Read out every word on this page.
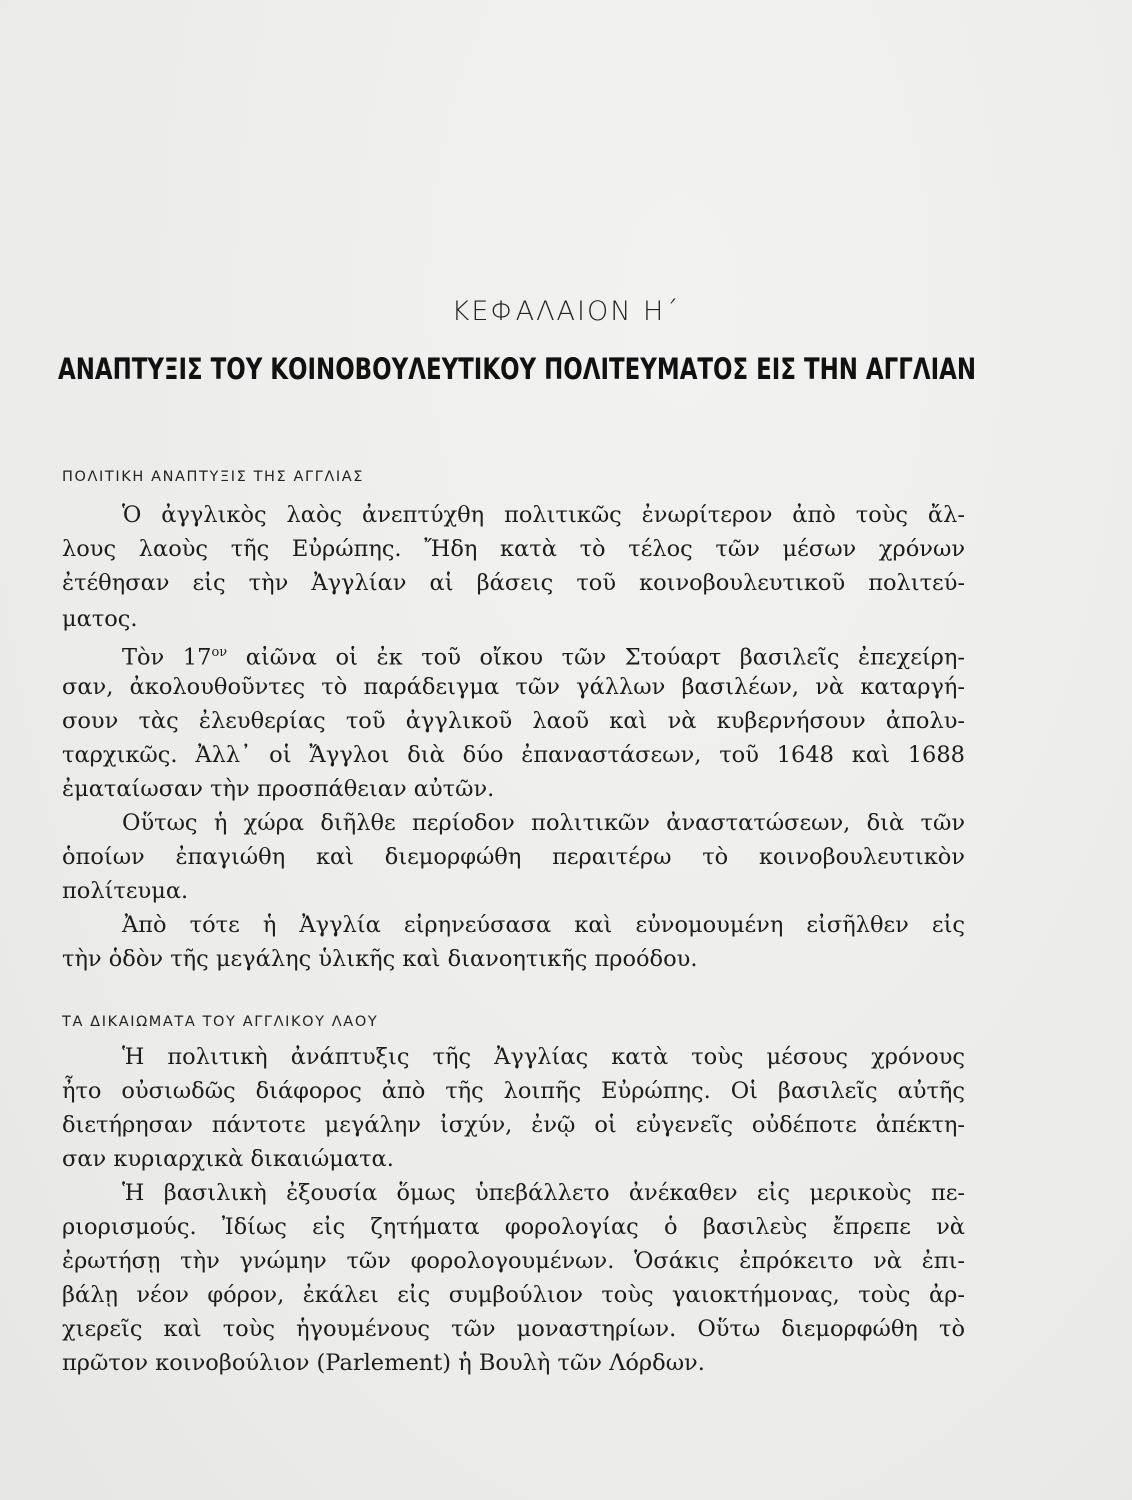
ΚΕΦΑΛΑΙΟΝ Η΄
ΑΝΑΠΤΥΞΙΣ ΤΟΥ ΚΟΙΝΟΒΟΥΛΕΥΤΙΚΟΥ ΠΟΛΙΤΕΥΜΑΤΟΣ ΕΙΣ ΤΗΝ ΑΓΓΛΙΑΝ
ΠΟΛΙΤΙΚΗ ΑΝΑΠΤΥΞΙΣ ΤΗΣ ΑΓΓΛΙΑΣ
Ὁ ἀγγλικὸς λαὸς ἀνεπτύχθη πολιτικῶς ἐνωρίτερον ἀπὸ τοὺς ἄλ-
λους λαοὺς τῆς Εὐρώπης. Ἤδη κατὰ τὸ τέλος τῶν μέσων χρόνων
ἐτέθησαν εἰς τὴν Ἀγγλίαν αἱ βάσεις τοῦ κοινοβουλευτικοῦ πολιτεύ-
ματος.
Τὸν $17^{o\nu}$ αἰῶνα οἱ ἐκ τοῦ οἴκου τῶν Στούαρτ βασιλεῖς ἐπεχείρη-
σαν, ἀκολουθοῦντες τὸ παράδειγμα τῶν γάλλων βασιλέων, νὰ καταργή-
σουν τὰς ἐλευθερίας τοῦ ἀγγλικοῦ λαοῦ καὶ νὰ κυβερνήσουν ἀπολυ-
ταρχικῶς. Ἀλλ᾽ οἱ Ἄγγλοι διὰ δύο ἐπαναστάσεων, τοῦ 1648 καὶ 1688
ἐματαίωσαν τὴν προσπάθειαν αὐτῶν.
Οὕτως ἡ χώρα διῆλθε περίοδον πολιτικῶν ἀναστατώσεων, διὰ τῶν
ὁποίων ἐπαγιώθη καὶ διεμορφώθη περαιτέρω τὸ κοινοβουλευτικὸν
πολίτευμα.
Ἀπὸ τότε ἡ Ἀγγλία εἰρηνεύσασα καὶ εὐνομουμένη εἰσῆλθεν εἰς
τὴν ὁδὸν τῆς μεγάλης ὑλικῆς καὶ διανοητικῆς προόδου.
ΤΑ ΔΙΚΑΙΩΜΑΤΑ ΤΟΥ ΑΓΓΛΙΚΟΥ ΛΑΟΥ
Ἡ πολιτικὴ ἀνάπτυξις τῆς Ἀγγλίας κατὰ τοὺς μέσους χρόνους
ἦτο οὐσιωδῶς διάφορος ἀπὸ τῆς λοιπῆς Εὐρώπης. Οἱ βασιλεῖς αὐτῆς
διετήρησαν πάντοτε μεγάλην ἰσχύν, ἐνῷ οἱ εὐγενεῖς οὐδέποτε ἀπέκτη-
σαν κυριαρχικὰ δικαιώματα.
Ἡ βασιλικὴ ἐξουσία ὅμως ὑπεβάλλετο ἀνέκαθεν εἰς μερικοὺς πε-
ριορισμούς. Ἰδίως εἰς ζητήματα φορολογίας ὁ βασιλεὺς ἔπρεπε νὰ
ἐρωτήσῃ τὴν γνώμην τῶν φορολογουμένων. Ὁσάκις ἐπρόκειτο νὰ ἐπι-
βάλῃ νέον φόρον, ἐκάλει εἰς συμβούλιον τοὺς γαιοκτήμονας, τοὺς ἀρ-
χιερεῖς καὶ τοὺς ἡγουμένους τῶν μοναστηρίων. Οὕτω διεμορφώθη τὸ
πρῶτον κοινοβούλιον (Parlement) ἡ Βουλὴ τῶν Λόρδων.
